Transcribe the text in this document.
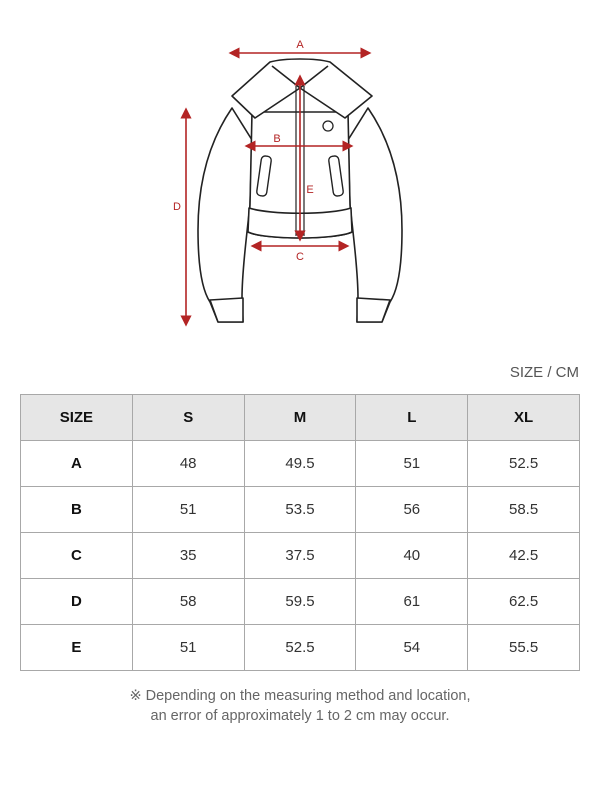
A
B
C
D
E
SIZE / CM
SIZE	S	M	L	XL
A	48	49.5	51	52.5
B	51	53.5	56	58.5
C	35	37.5	40	42.5
D	58	59.5	61	62.5
E	51	52.5	54	55.5
※ Depending on the measuring method and location,
an error of approximately 1 to 2 cm may occur.
